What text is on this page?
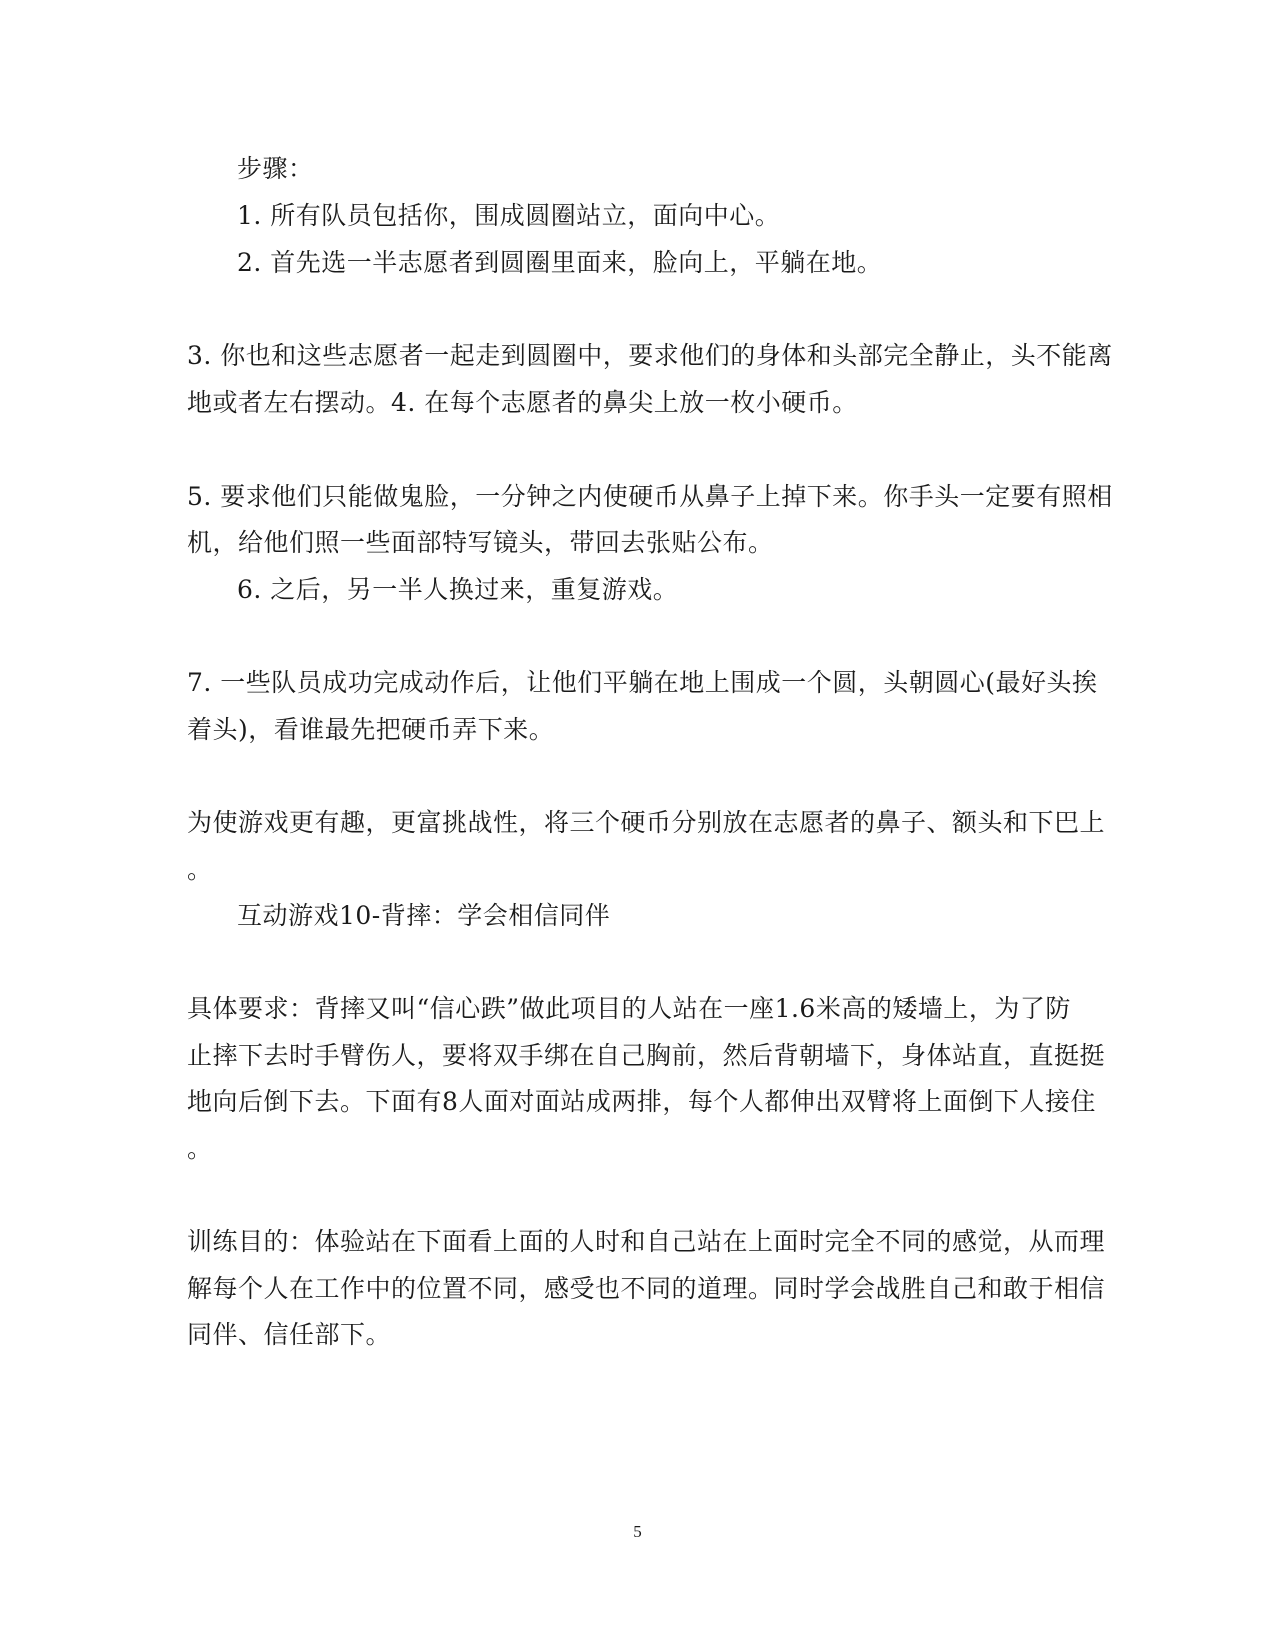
步骤：
1. 所有队员包括你，围成圆圈站立，面向中心。
2. 首先选一半志愿者到圆圈里面来，脸向上，平躺在地。
3. 你也和这些志愿者一起走到圆圈中，要求他们的身体和头部完全静止，头不能离
地或者左右摆动。4. 在每个志愿者的鼻尖上放一枚小硬币。
5. 要求他们只能做鬼脸，一分钟之内使硬币从鼻子上掉下来。你手头一定要有照相
机，给他们照一些面部特写镜头，带回去张贴公布。
6. 之后，另一半人换过来，重复游戏。
7. 一些队员成功完成动作后，让他们平躺在地上围成一个圆，头朝圆心(最好头挨
着头)，看谁最先把硬币弄下来。
为使游戏更有趣，更富挑战性，将三个硬币分别放在志愿者的鼻子、额头和下巴上
。
互动游戏10-背摔：学会相信同伴
具体要求：背摔又叫“信心跌”做此项目的人站在一座1.6米高的矮墙上，为了防
止摔下去时手臂伤人，要将双手绑在自己胸前，然后背朝墙下，身体站直，直挺挺
地向后倒下去。下面有8人面对面站成两排，每个人都伸出双臂将上面倒下人接住
。
训练目的：体验站在下面看上面的人时和自己站在上面时完全不同的感觉，从而理
解每个人在工作中的位置不同，感受也不同的道理。同时学会战胜自己和敢于相信
同伴、信任部下。
5
